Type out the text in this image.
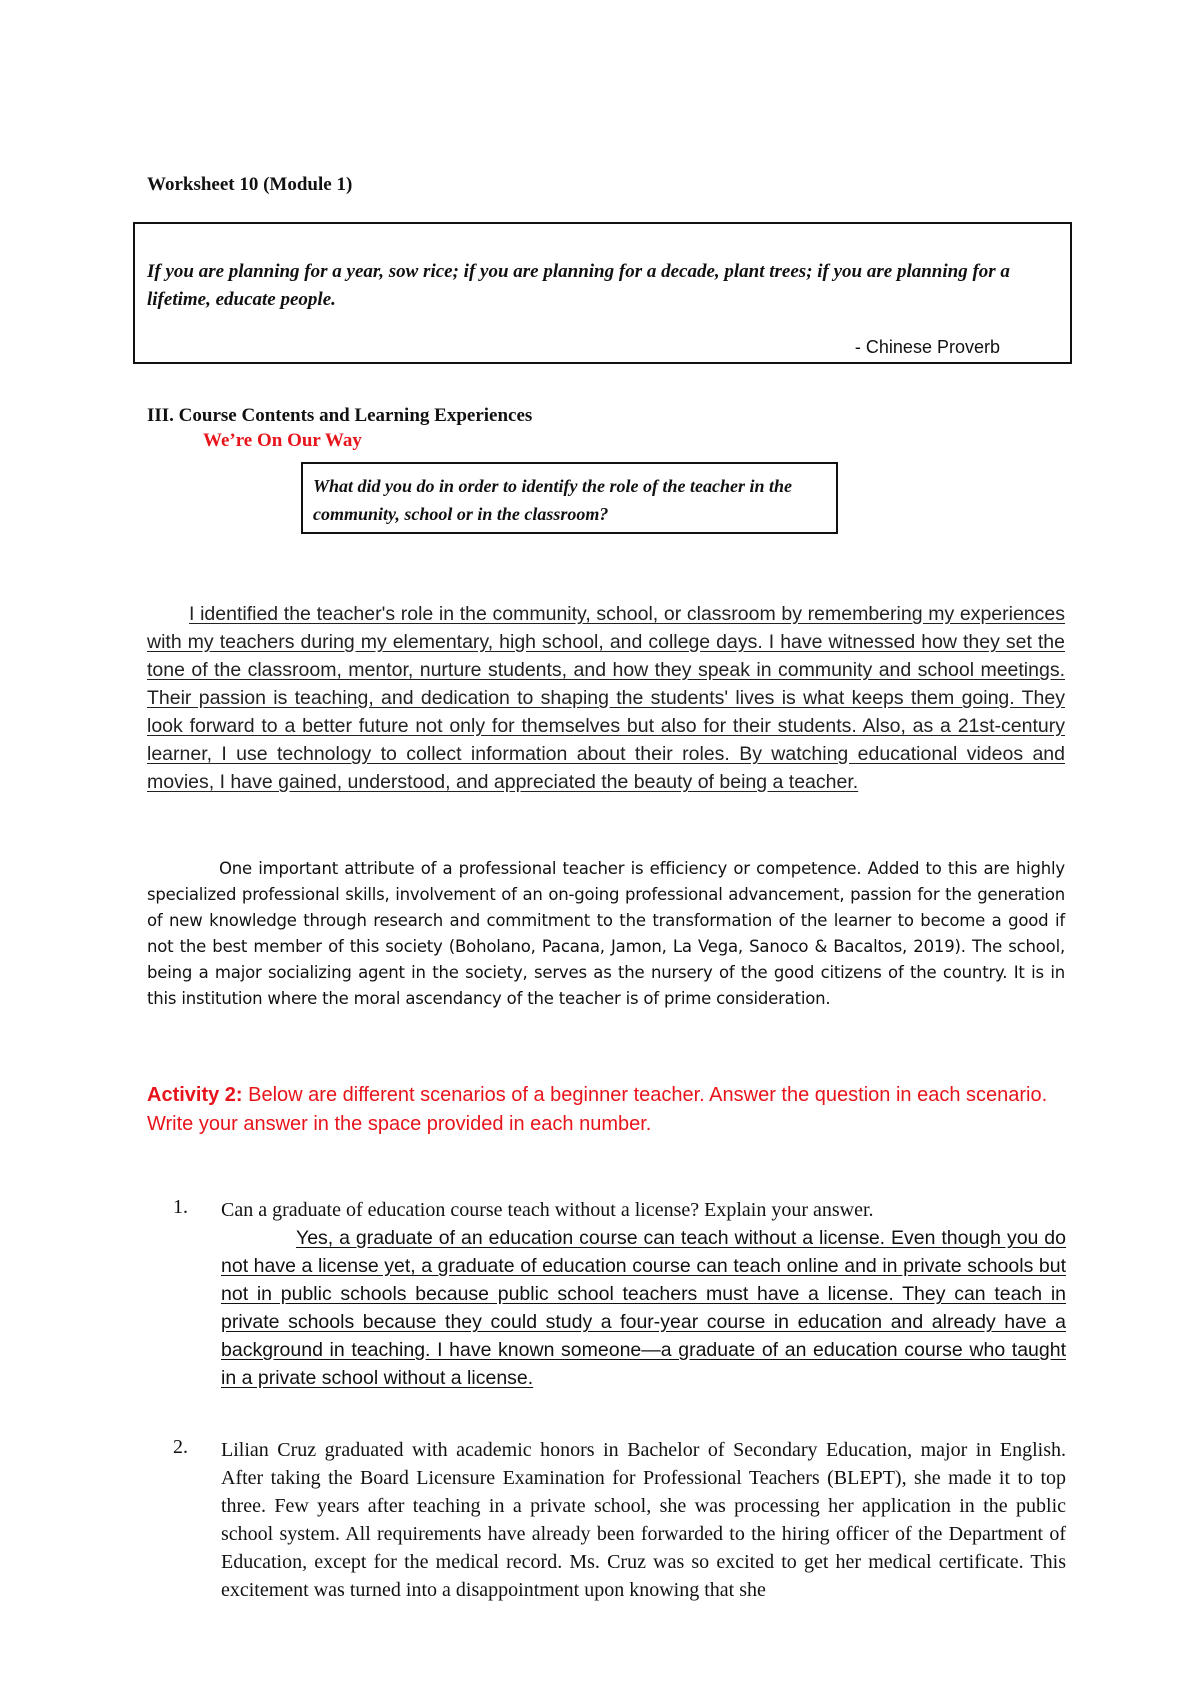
Worksheet 10 (Module 1)
If you are planning for a year, sow rice; if you are planning for a decade, plant trees; if you are planning for a lifetime, educate people.
- Chinese Proverb
III. Course Contents and Learning Experiences
We’re On Our Way
What did you do in order to identify the role of the teacher in the community, school or in the classroom?
I identified the teacher's role in the community, school, or classroom by remembering my experiences with my teachers during my elementary, high school, and college days. I have witnessed how they set the tone of the classroom, mentor, nurture students, and how they speak in community and school meetings. Their passion is teaching, and dedication to shaping the students' lives is what keeps them going. They look forward to a better future not only for themselves but also for their students. Also, as a 21st-century learner, I use technology to collect information about their roles. By watching educational videos and movies, I have gained, understood, and appreciated the beauty of being a teacher.
One important attribute of a professional teacher is efficiency or competence. Added to this are highly specialized professional skills, involvement of an on-going professional advancement, passion for the generation of new knowledge through research and commitment to the transformation of the learner to become a good if not the best member of this society (Boholano, Pacana, Jamon, La Vega, Sanoco & Bacaltos, 2019). The school, being a major socializing agent in the society, serves as the nursery of the good citizens of the country. It is in this institution where the moral ascendancy of the teacher is of prime consideration.
Activity 2: Below are different scenarios of a beginner teacher. Answer the question in each scenario.
Write your answer in the space provided in each number.
1. Can a graduate of education course teach without a license? Explain your answer.
Yes, a graduate of an education course can teach without a license. Even though you do not have a license yet, a graduate of education course can teach online and in private schools but not in public schools because public school teachers must have a license. They can teach in private schools because they could study a four-year course in education and already have a background in teaching. I have known someone—a graduate of an education course who taught in a private school without a license.
2. Lilian Cruz graduated with academic honors in Bachelor of Secondary Education, major in English. After taking the Board Licensure Examination for Professional Teachers (BLEPT), she made it to top three. Few years after teaching in a private school, she was processing her application in the public school system. All requirements have already been forwarded to the hiring officer of the Department of Education, except for the medical record. Ms. Cruz was so excited to get her medical certificate. This excitement was turned into a disappointment upon knowing that she
